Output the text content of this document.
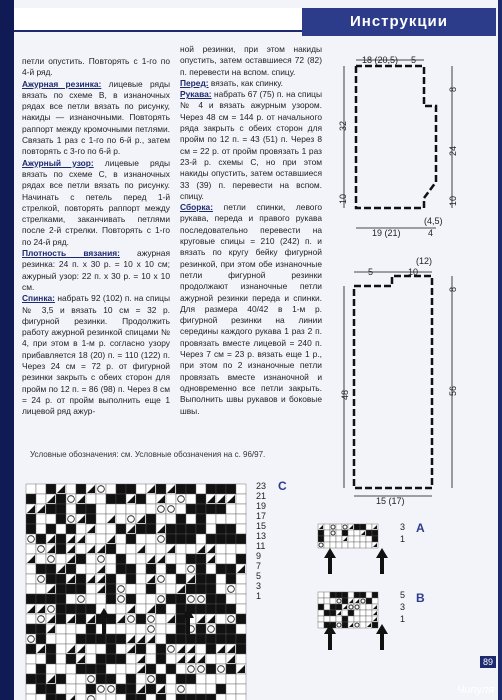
Инструкции

петли опустить. Повторять с 1-го по 4-й ряд.

Ажурная резинка: лицевые ряды вязать по схеме В, в изнаночных рядах все петли вязать по рисунку, накиды — изнаночными. Повторять раппорт между кромочными петлями. Связать 1 раз с 1-го по 6-й р., затем повторять с 3-го по 6-й р.

Ажурный узор: лицевые ряды вязать по схеме С, в изнаночных рядах все петли вязать по рисунку. Начинать с петель перед 1-й стрелкой, повторять раппорт между стрелками, заканчивать петлями после 2-й стрелки. Повторять с 1-го по 24-й ряд.

Плотность вязания: ажурная резинка: 24 п. х 30 р. = 10 х 10 см; ажурный узор: 22 п. х 30 р. = 10 х 10 см.

Спинка: набрать 92 (102) п. на спицы № 3,5 и вязать 10 см = 32 р. фигурной резинки. Продолжить работу ажурной резинкой спицами № 4, при этом в 1-м р. согласно узору прибавляется 18 (20) п. = 110 (122) п. Через 24 см = 72 р. от фигурной резинки закрыть с обеих сторон для пройм по 12 п. = 86 (98) п. Через 8 см = 24 р. от пройм выполнить еще 1 лицевой ряд ажур-

ной резинки, при этом накиды опустить, затем оставшиеся 72 (82) п. перевести на вспом. спицу.

Перед: вязать, как спинку.

Рукава: набрать 67 (75) п. на спицы № 4 и вязать ажурным узором. Через 48 см = 144 р. от начального ряда закрыть с обеих сторон для пройм по 12 п. = 43 (51) п. Через 8 см = 22 р. от пройм провязать 1 раз 23-й р. схемы С, но при этом накиды опустить, затем оставшиеся 33 (39) п. перевести на вспом. спицу.

Сборка: петли спинки, левого рукава, переда и правого рукава последовательно перевести на круговые спицы = 210 (242) п. и вязать по кругу бейку фигурной резинкой, при этом обе изнаночные петли фигурной резинки продолжают изнаночные петли ажурной резинки переда и спинки. Для размера 40/42 в 1-м р. фигурной резинки на линии середины каждого рукава 1 раз 2 п. провязать вместе лицевой = 240 п. Через 7 см = 23 р. вязать еще 1 р., при этом по 2 изнаночные петли провязать вместе изнаночной и одновременно все петли закрыть. Выполнить швы рукавов и боковые швы.

18 (20,5) 5
32
10
8
24
10
(4,5)
19 (21)	4
(12)
5	10
48
8
56
15 (17)
Условные обозначения: см. Условные обозначения на с. 96/97.
C
23
21
19
17
15
13
11
9
7
5
3
1
3
1
A
5
3
1
B
89
Чипуля
